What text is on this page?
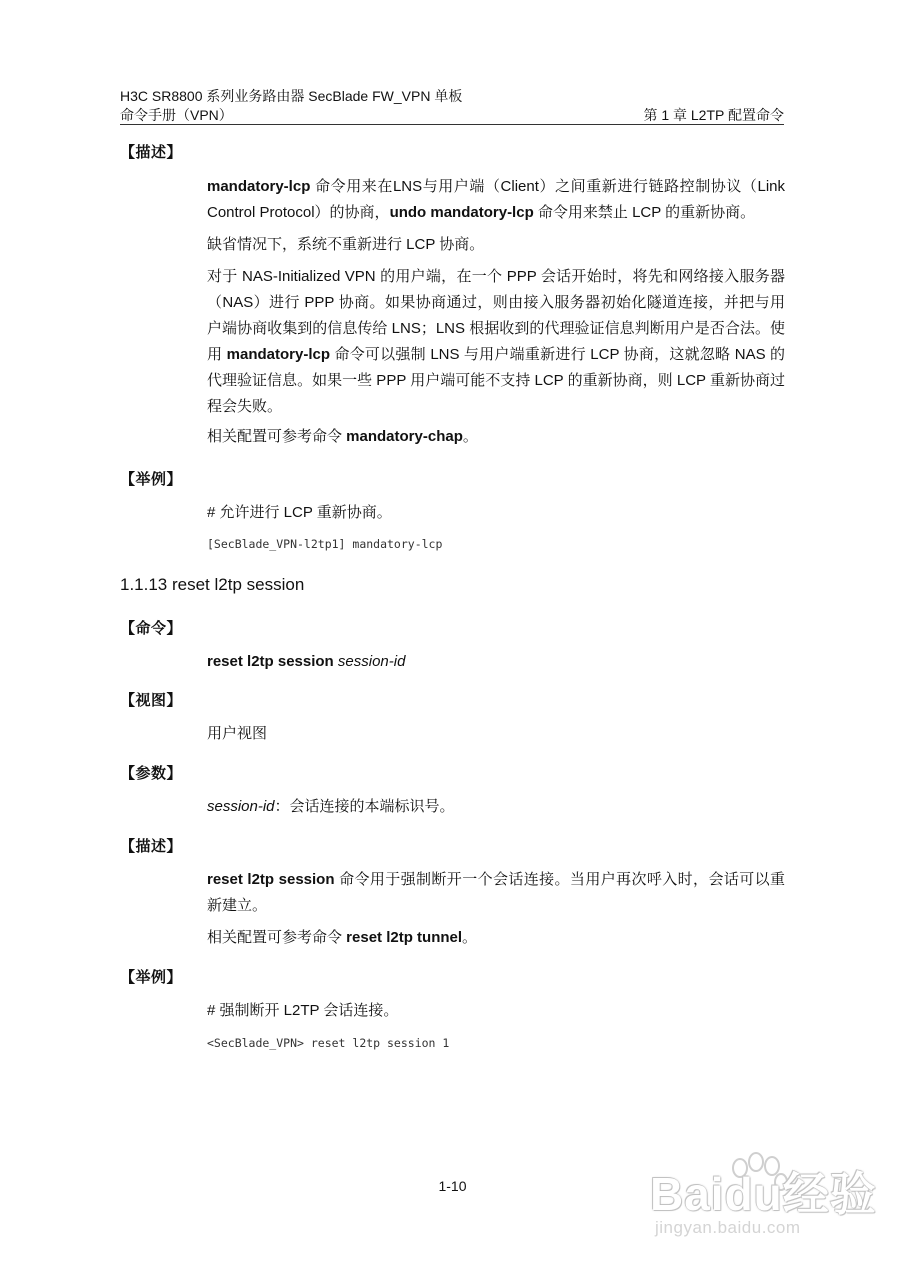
H3C SR8800 系列业务路由器 SecBlade FW_VPN 单板
命令手册（VPN）	第 1 章 L2TP 配置命令
【描述】
mandatory-lcp 命令用来在LNS与用户端（Client）之间重新进行链路控制协议（Link Control Protocol）的协商，undo mandatory-lcp 命令用来禁止 LCP 的重新协商。
缺省情况下，系统不重新进行 LCP 协商。
对于 NAS-Initialized VPN 的用户端，在一个 PPP 会话开始时，将先和网络接入服务器（NAS）进行 PPP 协商。如果协商通过，则由接入服务器初始化隧道连接，并把与用户端协商收集到的信息传给 LNS；LNS 根据收到的代理验证信息判断用户是否合法。使用 mandatory-lcp 命令可以强制 LNS 与用户端重新进行 LCP 协商，这就忽略 NAS 的代理验证信息。如果一些 PPP 用户端可能不支持 LCP 的重新协商，则 LCP 重新协商过程会失败。
相关配置可参考命令 mandatory-chap。
【举例】
# 允许进行 LCP 重新协商。
[SecBlade_VPN-l2tp1] mandatory-lcp
1.1.13 reset l2tp session
【命令】
reset l2tp session session-id
【视图】
用户视图
【参数】
session-id：会话连接的本端标识号。
【描述】
reset l2tp session 命令用于强制断开一个会话连接。当用户再次呼入时，会话可以重新建立。
相关配置可参考命令 reset l2tp tunnel。
【举例】
# 强制断开 L2TP 会话连接。
<SecBlade_VPN> reset l2tp session 1
1-10	Baidu经验
jingyan.baidu.com
